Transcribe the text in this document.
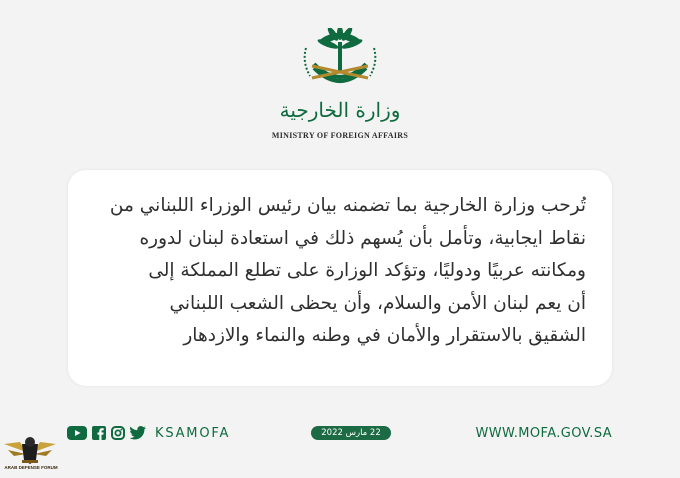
وزارة الخارجية
MINISTRY OF FOREIGN AFFAIRS

تُرحب وزارة الخارجية بما تضمنه بيان رئيس الوزراء اللبناني من
نقاط ايجابية، وتأمل بأن يُسهم ذلك في استعادة لبنان لدوره
ومكانته عربيًا ودوليًا، وتؤكد الوزارة على تطلع المملكة إلى
أن يعم لبنان الأمن والسلام، وأن يحظى الشعب اللبناني
الشقيق بالاستقرار والأمان في وطنه والنماء والازدهار

KSAMOFA	22 مارس 2022	WWW.MOFA.GOV.SA
ARAB DEFENSE FORUM
